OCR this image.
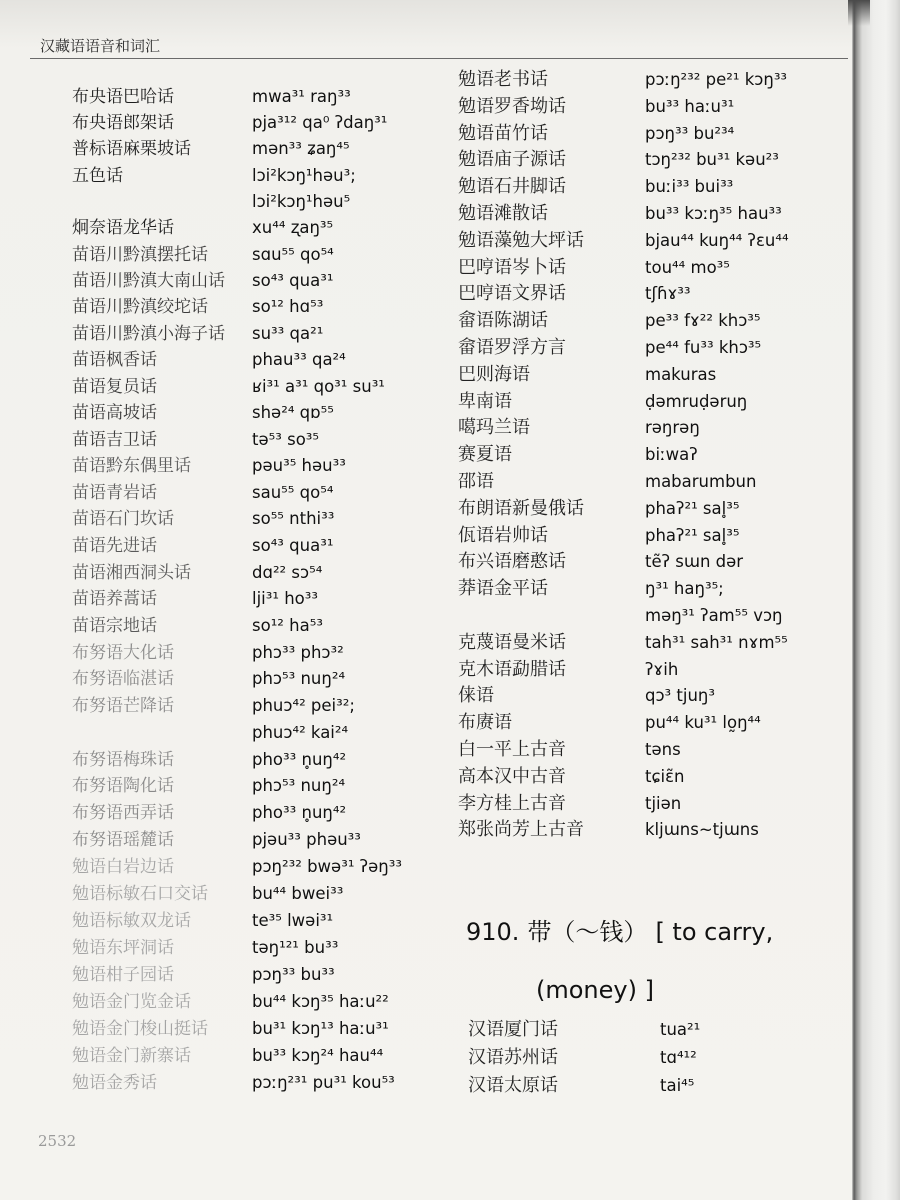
汉藏语语音和词汇
布央语巴哈话	mwa³¹ raŋ³³
布央语郎架话	pja³¹² qa⁰ ʔdaŋ³¹
普标语麻栗坡话	mən³³ ʑaŋ⁴⁵
五色话	lɔi²kɔŋ¹həu³;
lɔi²kɔŋ¹həu⁵
炯奈语龙华话	xu⁴⁴ ʐaŋ³⁵
苗语川黔滇摆托话	sɑu⁵⁵ qo⁵⁴
苗语川黔滇大南山话 so⁴³ qua³¹
苗语川黔滇绞坨话	so¹² hɑ⁵³
苗语川黔滇小海子话 su³³ qa²¹
苗语枫香话	phau³³ qa²⁴
苗语复员话	ʁi³¹ a³¹ qo³¹ su³¹
苗语高坡话	shə²⁴ qɒ⁵⁵
苗语吉卫话	tə⁵³ so³⁵
苗语黔东偶里话	pəu³⁵ həu³³
苗语青岩话	sau⁵⁵ qo⁵⁴
苗语石门坎话	so⁵⁵ nthi³³
苗语先进话	so⁴³ qua³¹
苗语湘西洞头话	dɑ²² sɔ⁵⁴
苗语养蒿话	lji³¹ ho³³
苗语宗地话	so¹² ha⁵³
布努语大化话	phɔ³³ phɔ³²
布努语临湛话	phɔ⁵³ nuŋ²⁴
布努语芒降话	phuɔ⁴² pei³²;
phuɔ⁴² kai²⁴
布努语梅珠话	pho³³ n̥uŋ⁴²
布努语陶化话	phɔ⁵³ nuŋ²⁴
布努语西弄话	pho³³ n̥uŋ⁴²
布努语瑶麓话	pjəu³³ phəu³³
勉语白岩边话	pɔŋ²³² bwə³¹ ʔəŋ³³
勉语标敏石口交话	bu⁴⁴ bwei³³
勉语标敏双龙话	te³⁵ lwəi³¹
勉语东坪洞话	təŋ¹²¹ bu³³
勉语柑子园话	pɔŋ³³ bu³³
勉语金门览金话	bu⁴⁴ kɔŋ³⁵ haːu²²
勉语金门梭山挺话	bu³¹ kɔŋ¹³ haːu³¹
勉语金门新寨话	bu³³ kɔŋ²⁴ hau⁴⁴
勉语金秀话	pɔːŋ²³¹ pu³¹ kou⁵³
勉语老书话	pɔːŋ²³² pe²¹ kɔŋ³³
勉语罗香坳话	bu³³ haːu³¹
勉语苗竹话	pɔŋ³³ bu²³⁴
勉语庙子源话	tɔŋ²³² bu³¹ kəu²³
勉语石井脚话	buːi³³ bui³³
勉语滩散话	bu³³ kɔːŋ³⁵ hau³³
勉语藻勉大坪话	bjau⁴⁴ kuŋ⁴⁴ ʔɛu⁴⁴
巴哼语岑卜话	tou⁴⁴ mo³⁵
巴哼语文界话	tʃɦɤ³³
畲语陈湖话	pe³³ fɤ²² khɔ³⁵
畲语罗浮方言	pe⁴⁴ fu³³ khɔ³⁵
巴则海语	makuras
卑南语	ḍəmruḍəruŋ
噶玛兰语	rəŋrəŋ
赛夏语	biːwaʔ
邵语	mabarumbun
布朗语新曼俄话	phaʔ²¹ sal̥³⁵
佤语岩帅话	phaʔ²¹ sal̥³⁵
布兴语磨憨话	tẽʔ sɯn dər
莽语金平话	ŋ³¹ haŋ³⁵;
məŋ³¹ ʔam⁵⁵ vɔŋ
克蔑语曼米话	tah³¹ sah³¹ nɤm⁵⁵
克木语勐腊话	ʔɤih
俫语	qɔ³ tjuŋ³
布赓语	pu⁴⁴ ku³¹ lo̰ŋ⁴⁴
白一平上古音	təns
高本汉中古音	tɕiɛ̃n
李方桂上古音	tjiən
郑张尚芳上古音	kljɯns~tjɯns
910. 带（～钱） [ to carry,
(money) ]
汉语厦门话	tua²¹
汉语苏州话	tɑ⁴¹²
汉语太原话	tai⁴⁵
2532
